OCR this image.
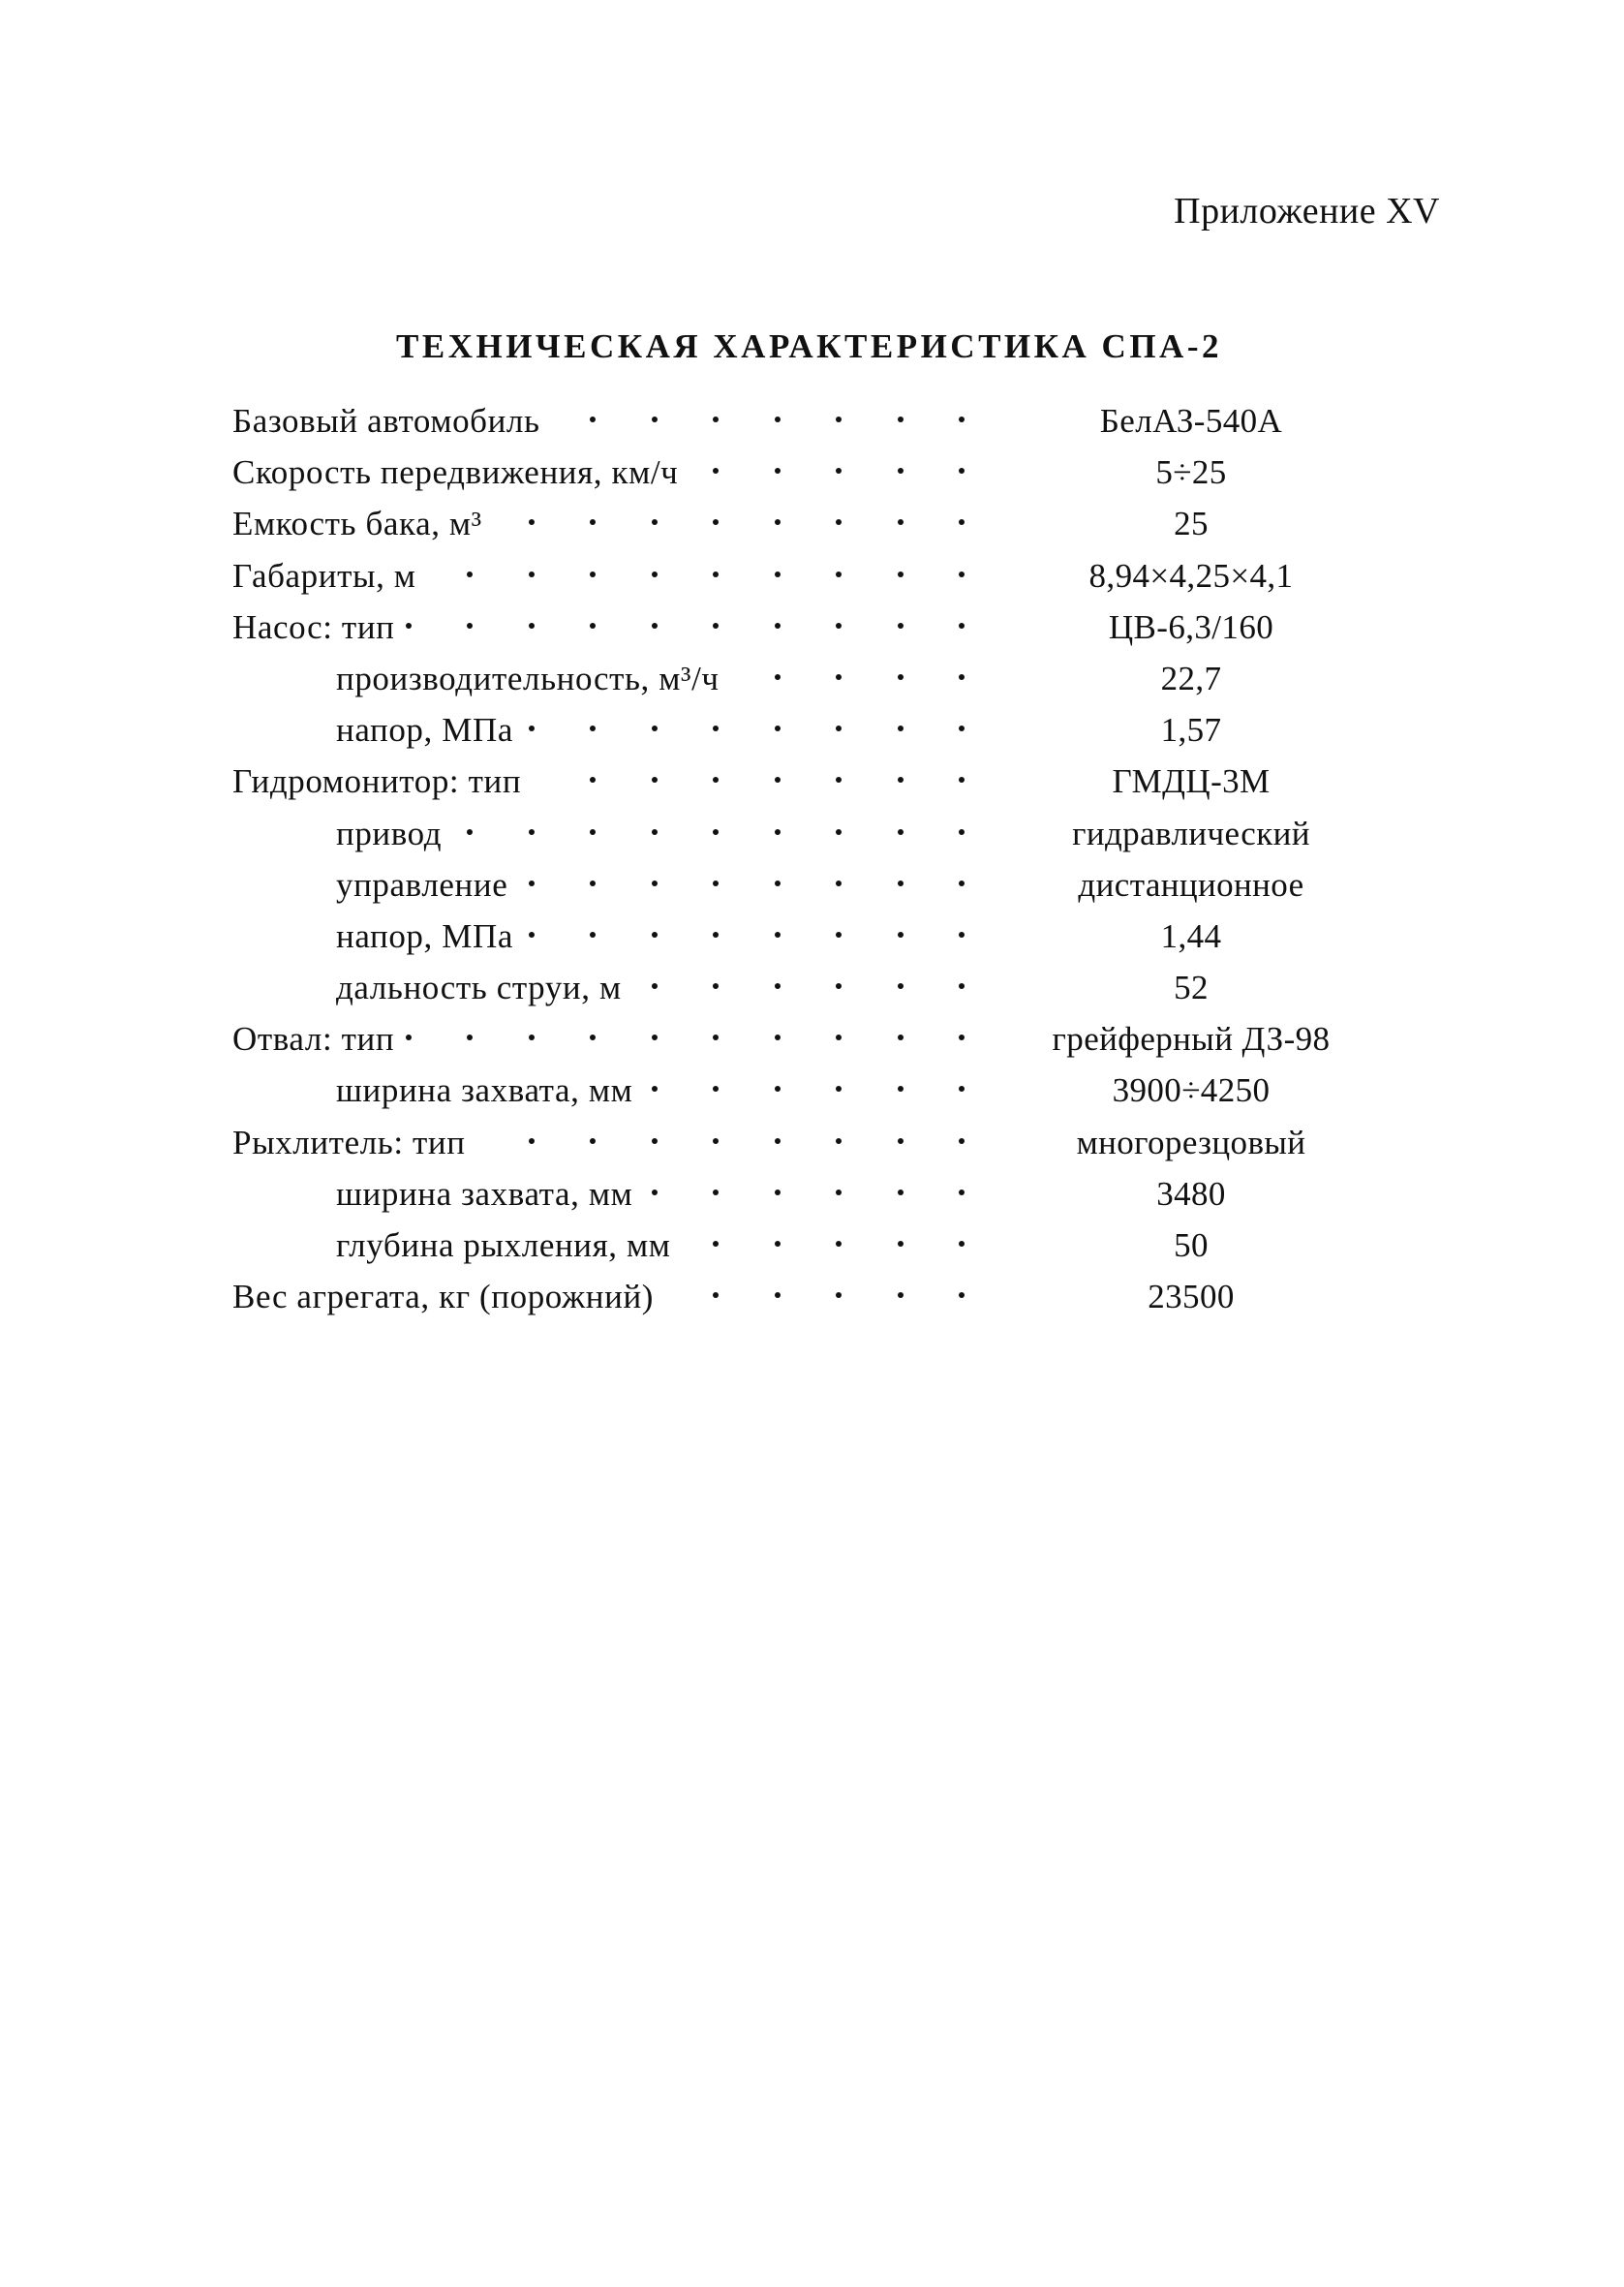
Приложение XV
ТЕХНИЧЕСКАЯ ХАРАКТЕРИСТИКА СПА-2
Базовый автомобиль	БелАЗ-540А
Скорость передвижения, км/ч	5÷25
Емкость бака, м³	25
Габариты, м	8,94×4,25×4,1
Насос: тип	ЦВ-6,3/160
производительность, м³/ч	22,7
напор, МПа	1,57
Гидромонитор: тип	ГМДЦ-3М
привод	гидравлический
управление	дистанционное
напор, МПа	1,44
дальность струи, м	52
Отвал: тип	грейферный ДЗ-98
ширина захвата, мм	3900÷4250
Рыхлитель: тип	многорезцовый
ширина захвата, мм	3480
глубина рыхления, мм	50
Вес агрегата, кг (порожний)	23500
